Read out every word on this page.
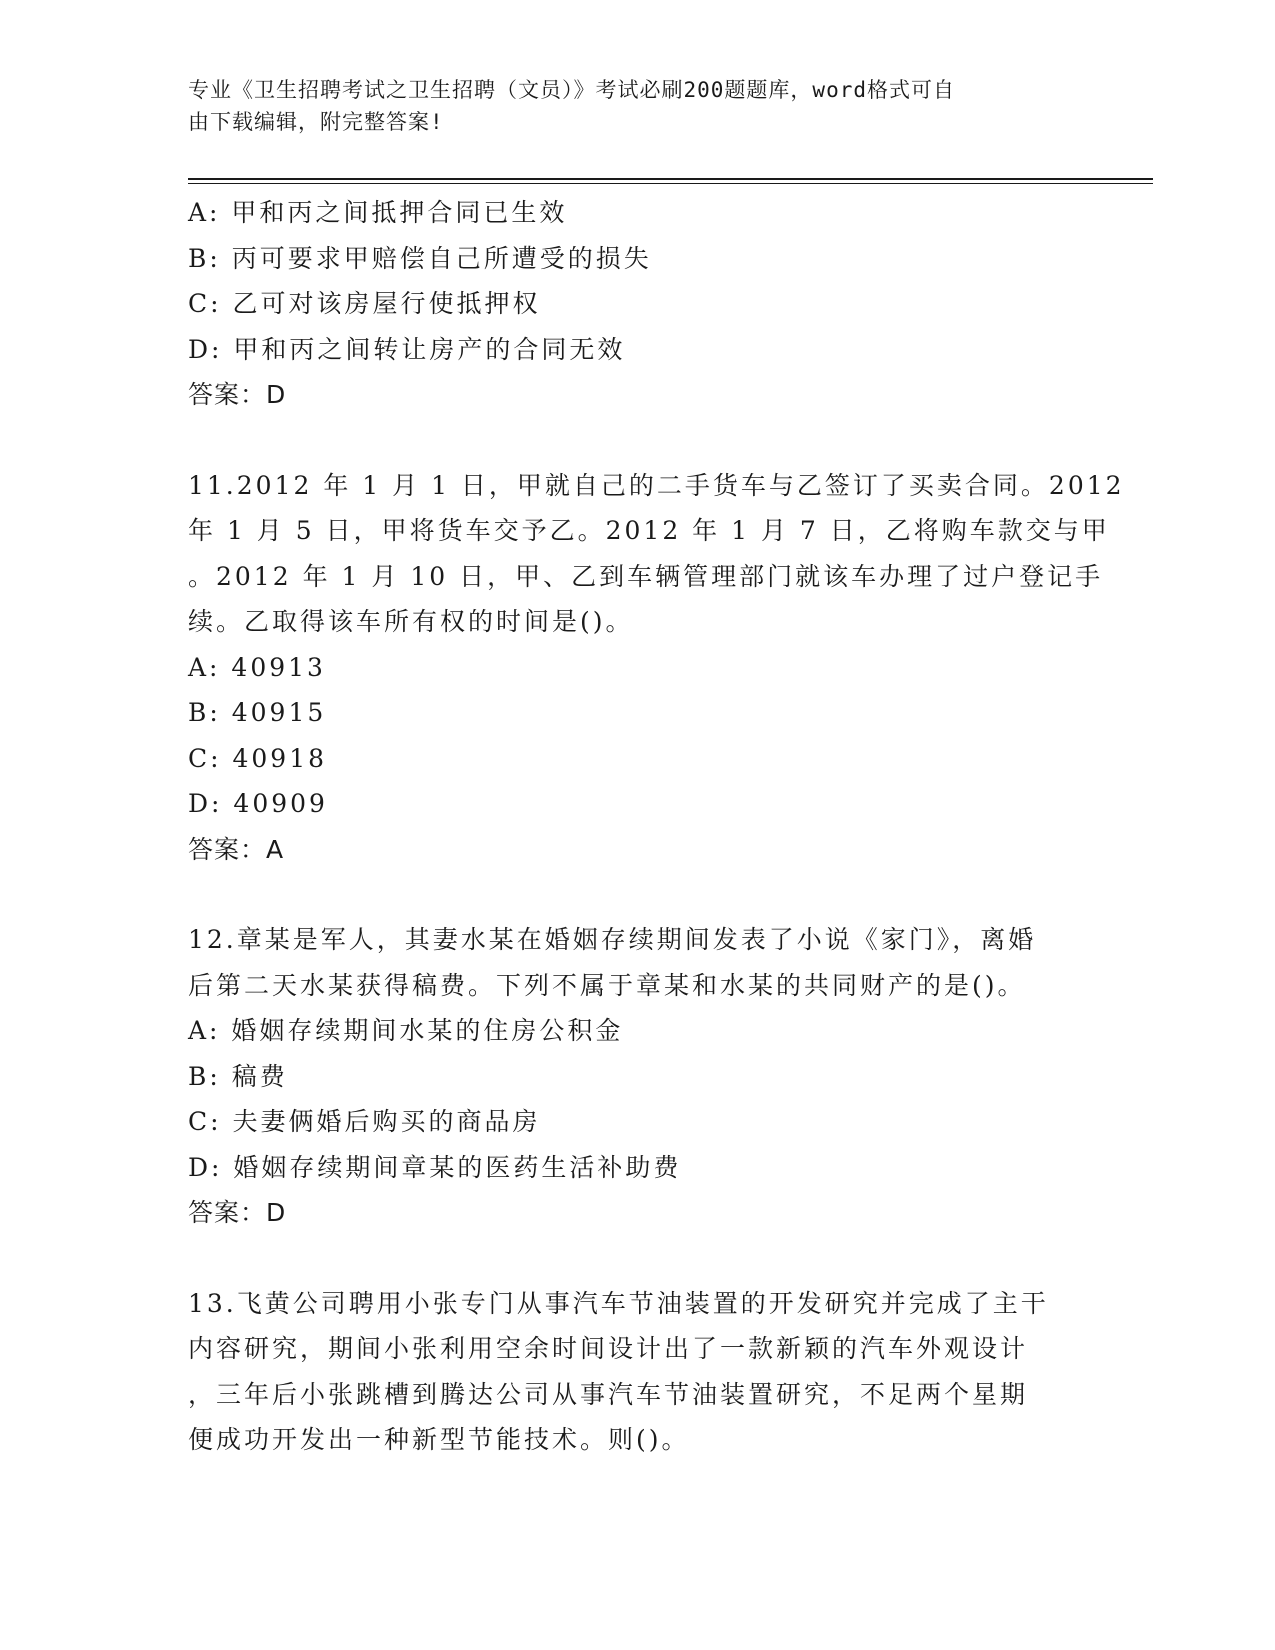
专业《卫生招聘考试之卫生招聘（文员）》考试必刷200题题库，word格式可自
由下载编辑，附完整答案!
A: 甲和丙之间抵押合同已生效
B: 丙可要求甲赔偿自己所遭受的损失
C: 乙可对该房屋行使抵押权
D: 甲和丙之间转让房产的合同无效
答案：D
11.2012 年 1 月 1 日，甲就自己的二手货车与乙签订了买卖合同。2012
年 1 月 5 日，甲将货车交予乙。2012 年 1 月 7 日，乙将购车款交与甲
。2012 年 1 月 10 日，甲、乙到车辆管理部门就该车办理了过户登记手
续。乙取得该车所有权的时间是()。
A: 40913
B: 40915
C: 40918
D: 40909
答案：A
12.章某是军人，其妻水某在婚姻存续期间发表了小说《家门》，离婚
后第二天水某获得稿费。下列不属于章某和水某的共同财产的是()。
A: 婚姻存续期间水某的住房公积金
B: 稿费
C: 夫妻俩婚后购买的商品房
D: 婚姻存续期间章某的医药生活补助费
答案：D
13.飞黄公司聘用小张专门从事汽车节油装置的开发研究并完成了主干
内容研究，期间小张利用空余时间设计出了一款新颖的汽车外观设计
，三年后小张跳槽到腾达公司从事汽车节油装置研究，不足两个星期
便成功开发出一种新型节能技术。则()。
